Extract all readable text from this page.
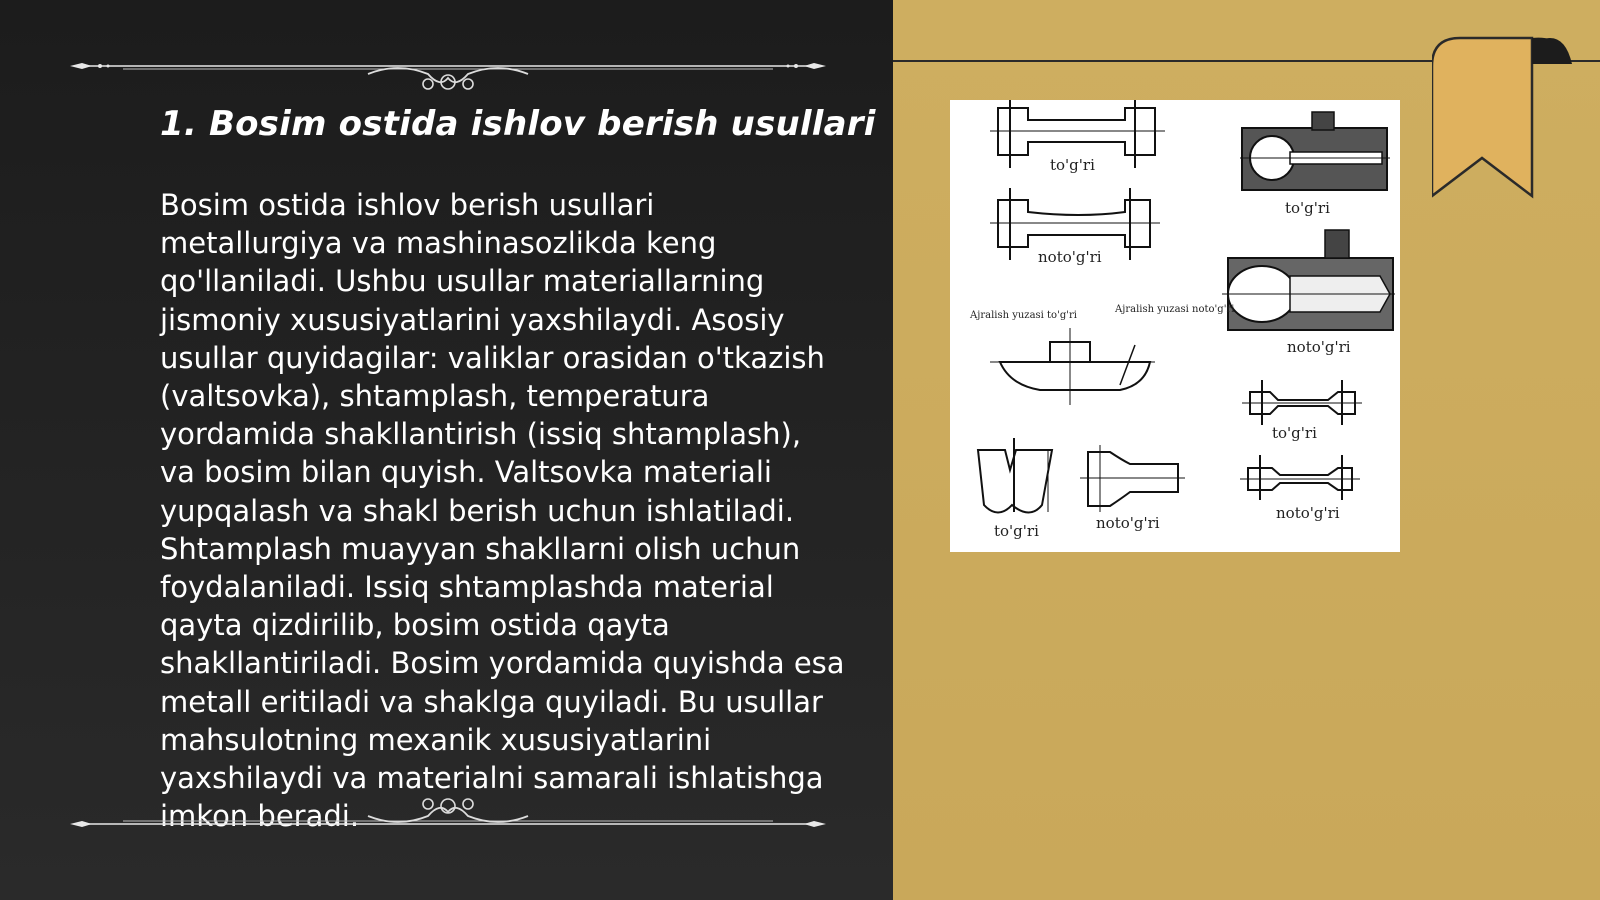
1. Bosim ostida ishlov berish usullari
Bosim ostida ishlov berish usullari metallurgiya va mashinasozlikda keng qo'llaniladi. Ushbu usullar materiallarning jismoniy xususiyatlarini yaxshilaydi. Asosiy usullar quyidagilar: valiklar orasidan o'tkazish (valtsovka), shtamplash, temperatura yordamida shakllantirish (issiq shtamplash), va bosim bilan quyish. Valtsovka materiali yupqalash va shakl berish uchun ishlatiladi. Shtamplash muayyan shakllarni olish uchun foydalaniladi. Issiq shtamplashda material qayta qizdirilib, bosim ostida qayta shakllantiriladi. Bosim yordamida quyishda esa metall eritiladi va shaklga quyiladi. Bu usullar mahsulotning mexanik xususiyatlarini yaxshilaydi va materialni samarali ishlatishga imkon beradi.
to'g'ri
noto'g'ri
to'g'ri
noto'g'ri
Ajralish yuzasi to'g'ri
Ajralish yuzasi noto'g'ri
to'g'ri
to'g'ri
noto'g'ri
noto'g'ri
